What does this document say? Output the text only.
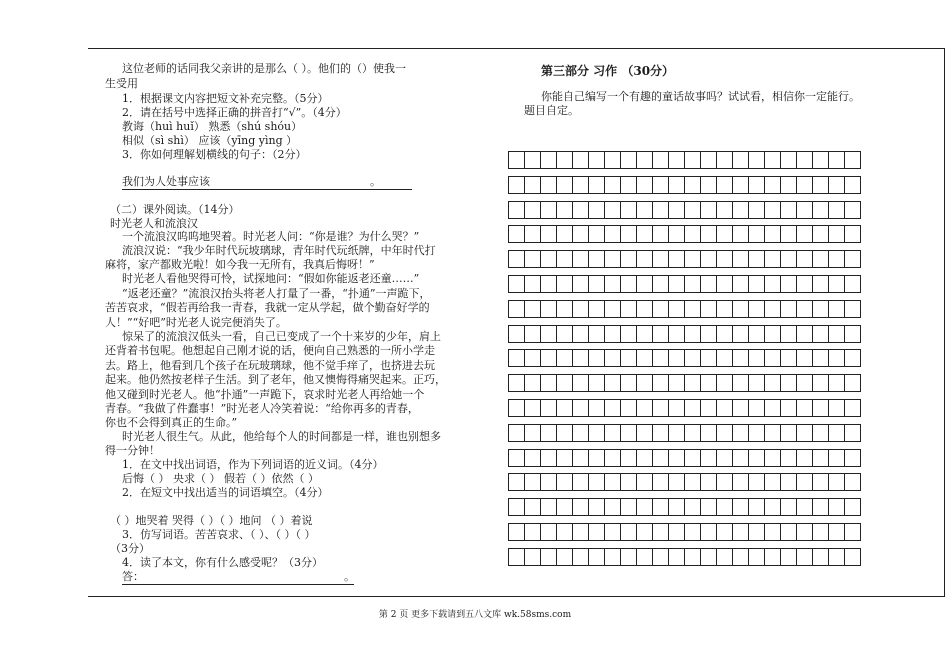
这位老师的话同我父亲讲的是那么（ ）。他们的（）使我一
生受用
1．根据课文内容把短文补充完整。（5分）
2．请在括号中选择正确的拼音打“√”。（4分）
教诲（huì huǐ） 熟悉（shú shóu）
相似（sì shì） 应该（yīng yìng ）
3．你如何理解划横线的句子：（2分）
我们为人处事应该	。
（二）课外阅读。（14分）
时光老人和流浪汉
一个流浪汉呜呜地哭着。时光老人问：“你是谁？为什么哭？”
流浪汉说：“我少年时代玩坡璃球，青年时代玩纸牌，中年时代打
麻将，家产都败光啦！如今我一无所有，我真后悔呀！”
时光老人看他哭得可怜，试探地问：“假如你能返老还童……”
“返老还童？”流浪汉抬头将老人打量了一番，“扑通”一声跪下，
苦苦哀求，“假若再给我一青春，我就一定从学起，做个勤奋好学的
人！”“好吧”时光老人说完便消失了。
惊呆了的流浪汉低头一看，自己已变成了一个十来岁的少年，肩上
还背着书包呢。他想起自己刚才说的话，便向自己熟悉的一所小学走
去。路上，他看到几个孩子在玩玻璃球，他不觉手痒了，也挤进去玩
起来。他仍然按老样子生活。到了老年，他又懊悔得痛哭起来。正巧，
他又碰到时光老人。他“扑通”一声跪下，哀求时光老人再给她一个
青春。“我做了件蠢事！”时光老人冷笑着说：“给你再多的青春，
你也不会得到真正的生命。”
时光老人很生气。从此，他给每个人的时间都是一样，谁也别想多
得一分钟！
1．在文中找出词语，作为下列词语的近义词。（4分）
后悔（ ） 央求（ ） 假若（ ）依然（ ）
2．在短文中找出适当的词语填空。（4分）
（ ）地哭着 哭得（ ）（ ）地问 （ ）着说
3．仿写词语。苦苦哀求、（ ）、（ ）（ ）
（3分）
4．读了本文，你有什么感受呢？（3分）
答：	。
第三部分 习作 （30分）
你能自己编写一个有趣的童话故事吗？试试看，相信你一定能行。
题目自定。
第 2 页 更多下载请到五八文库 wk.58sms.com
